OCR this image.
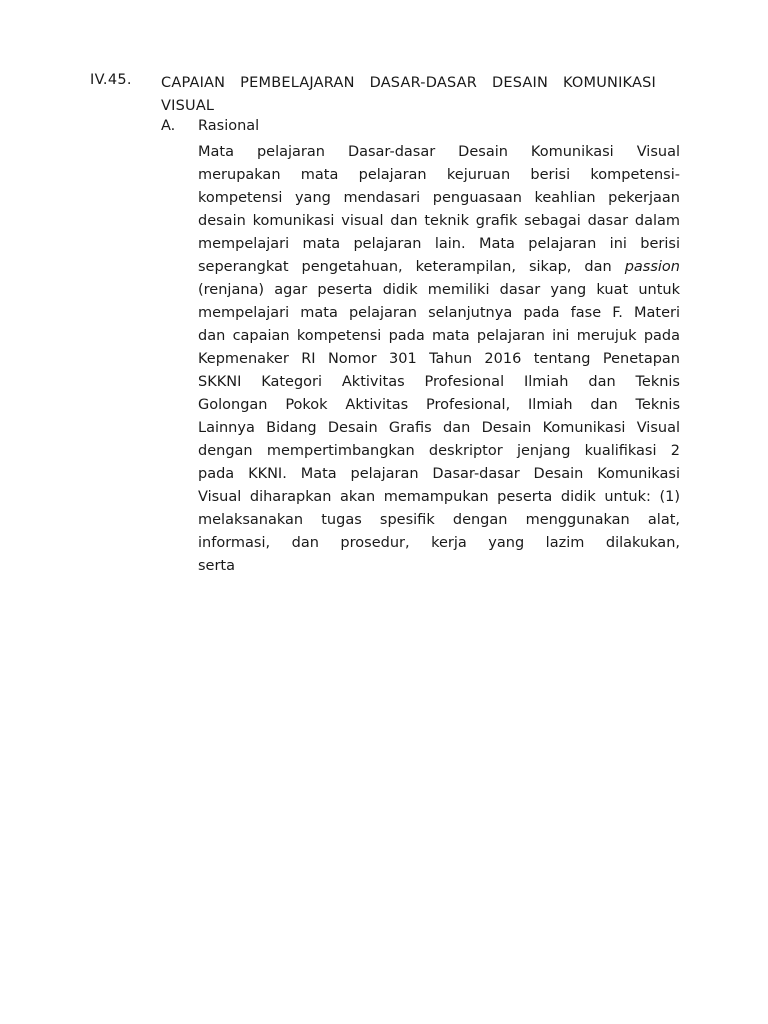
IV.45. CAPAIAN PEMBELAJARAN DASAR-DASAR DESAIN KOMUNIKASI
VISUAL
A. Rasional
Mata pelajaran Dasar-dasar Desain Komunikasi Visual
merupakan mata pelajaran kejuruan berisi kompetensi-
kompetensi yang mendasari penguasaan keahlian pekerjaan
desain komunikasi visual dan teknik grafik sebagai dasar dalam
mempelajari mata pelajaran lain. Mata pelajaran ini berisi
seperangkat pengetahuan, keterampilan, sikap, dan passion
(renjana) agar peserta didik memiliki dasar yang kuat untuk
mempelajari mata pelajaran selanjutnya pada fase F. Materi
dan capaian kompetensi pada mata pelajaran ini merujuk pada
Kepmenaker RI Nomor 301 Tahun 2016 tentang Penetapan
SKKNI Kategori Aktivitas Profesional Ilmiah dan Teknis
Golongan Pokok Aktivitas Profesional, Ilmiah dan Teknis
Lainnya Bidang Desain Grafis dan Desain Komunikasi Visual
dengan mempertimbangkan deskriptor jenjang kualifikasi 2
pada KKNI. Mata pelajaran Dasar-dasar Desain Komunikasi
Visual diharapkan akan memampukan peserta didik untuk: (1)
melaksanakan tugas spesifik dengan menggunakan alat,
informasi, dan prosedur, kerja yang lazim dilakukan,
serta
